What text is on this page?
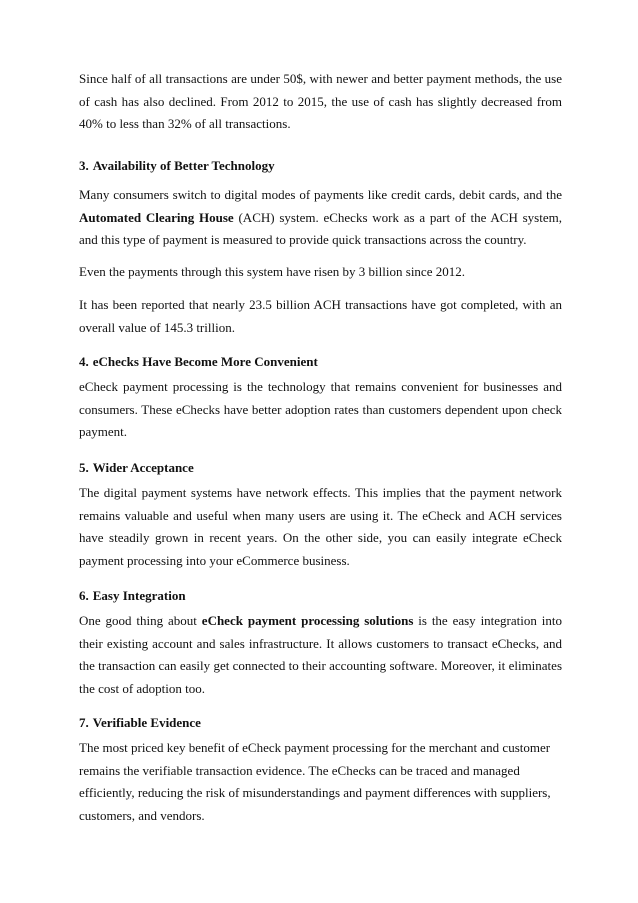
Since half of all transactions are under 50$, with newer and better payment methods, the use of cash has also declined. From 2012 to 2015, the use of cash has slightly decreased from 40% to less than 32% of all transactions.

3. Availability of Better Technology

Many consumers switch to digital modes of payments like credit cards, debit cards, and the Automated Clearing House (ACH) system. eChecks work as a part of the ACH system, and this type of payment is measured to provide quick transactions across the country.

Even the payments through this system have risen by 3 billion since 2012.

It has been reported that nearly 23.5 billion ACH transactions have got completed, with an overall value of 145.3 trillion.

4. eChecks Have Become More Convenient

eCheck payment processing is the technology that remains convenient for businesses and consumers. These eChecks have better adoption rates than customers dependent upon check payment.

5. Wider Acceptance

The digital payment systems have network effects. This implies that the payment network remains valuable and useful when many users are using it. The eCheck and ACH services have steadily grown in recent years. On the other side, you can easily integrate eCheck payment processing into your eCommerce business.

6. Easy Integration

One good thing about eCheck payment processing solutions is the easy integration into their existing account and sales infrastructure. It allows customers to transact eChecks, and the transaction can easily get connected to their accounting software. Moreover, it eliminates the cost of adoption too.

7. Verifiable Evidence

The most priced key benefit of eCheck payment processing for the merchant and customer remains the verifiable transaction evidence. The eChecks can be traced and managed efficiently, reducing the risk of misunderstandings and payment differences with suppliers, customers, and vendors.
